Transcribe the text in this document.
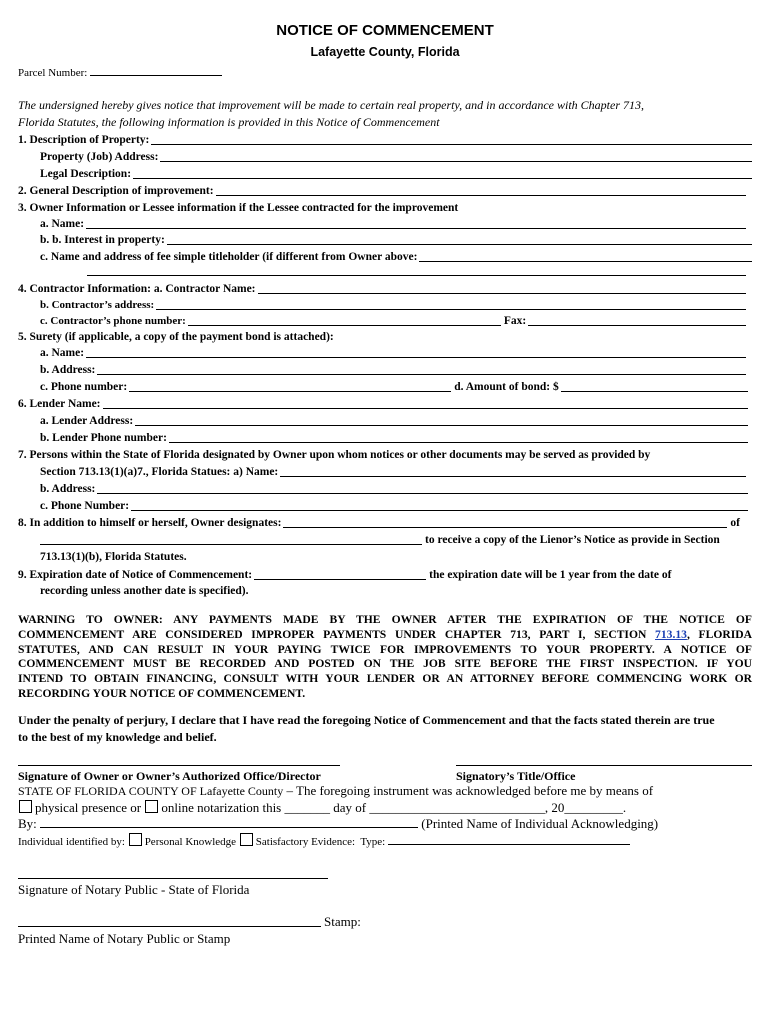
NOTICE OF COMMENCEMENT
Lafayette County, Florida
Parcel Number:
The undersigned hereby gives notice that improvement will be made to certain real property, and in accordance with Chapter 713,
Florida Statutes, the following information is provided in this Notice of Commencement
1. Description of Property:
Property (Job) Address:
Legal Description:
2. General Description of improvement:
3. Owner Information or Lessee information if the Lessee contracted for the improvement
a. Name:
b. b. Interest in property:
c. Name and address of fee simple titleholder (if different from Owner above:
4. Contractor Information: a. Contractor Name:
b. Contractor’s address:
c. Contractor’s phone number:	Fax:
5. Surety (if applicable, a copy of the payment bond is attached):
a. Name:
b. Address:
c. Phone number:	d. Amount of bond: $
6. Lender Name:
a. Lender Address:
b. Lender Phone number:
7. Persons within the State of Florida designated by Owner upon whom notices or other documents may be served as provided by
Section 713.13(1)(a)7., Florida Statues: a) Name:
b. Address:
c. Phone Number:
8. In addition to himself or herself, Owner designates:	of
to receive a copy of the Lienor’s Notice as provide in Section
713.13(1)(b), Florida Statutes.
9. Expiration date of Notice of Commencement:	the expiration date will be 1 year from the date of
recording unless another date is specified).
WARNING TO OWNER: ANY PAYMENTS MADE BY THE OWNER AFTER THE EXPIRATION OF THE NOTICE OF
COMMENCEMENT ARE CONSIDERED IMPROPER PAYMENTS UNDER CHAPTER 713, PART I, SECTION 713.13, FLORIDA
STATUTES, AND CAN RESULT IN YOUR PAYING TWICE FOR IMPROVEMENTS TO YOUR PROPERTY. A NOTICE OF
COMMENCEMENT MUST BE RECORDED AND POSTED ON THE JOB SITE BEFORE THE FIRST INSPECTION. IF YOU
INTEND TO OBTAIN FINANCING, CONSULT WITH YOUR LENDER OR AN ATTORNEY BEFORE COMMENCING WORK OR
RECORDING YOUR NOTICE OF COMMENCEMENT.
Under the penalty of perjury, I declare that I have read the foregoing Notice of Commencement and that the facts stated therein are true
to the best of my knowledge and belief.
Signature of Owner or Owner’s Authorized Office/Director	Signatory’s Title/Office
STATE OF FLORIDA COUNTY OF Lafayette County – The foregoing instrument was acknowledged before me by means of
physical presence or online notarization this _______ day of ___________________________, 20_________.
By:	(Printed Name of Individual Acknowledging)
Individual identified by: Personal Knowledge Satisfactory Evidence:  Type:
Signature of Notary Public - State of Florida
Stamp:
Printed Name of Notary Public or Stamp
